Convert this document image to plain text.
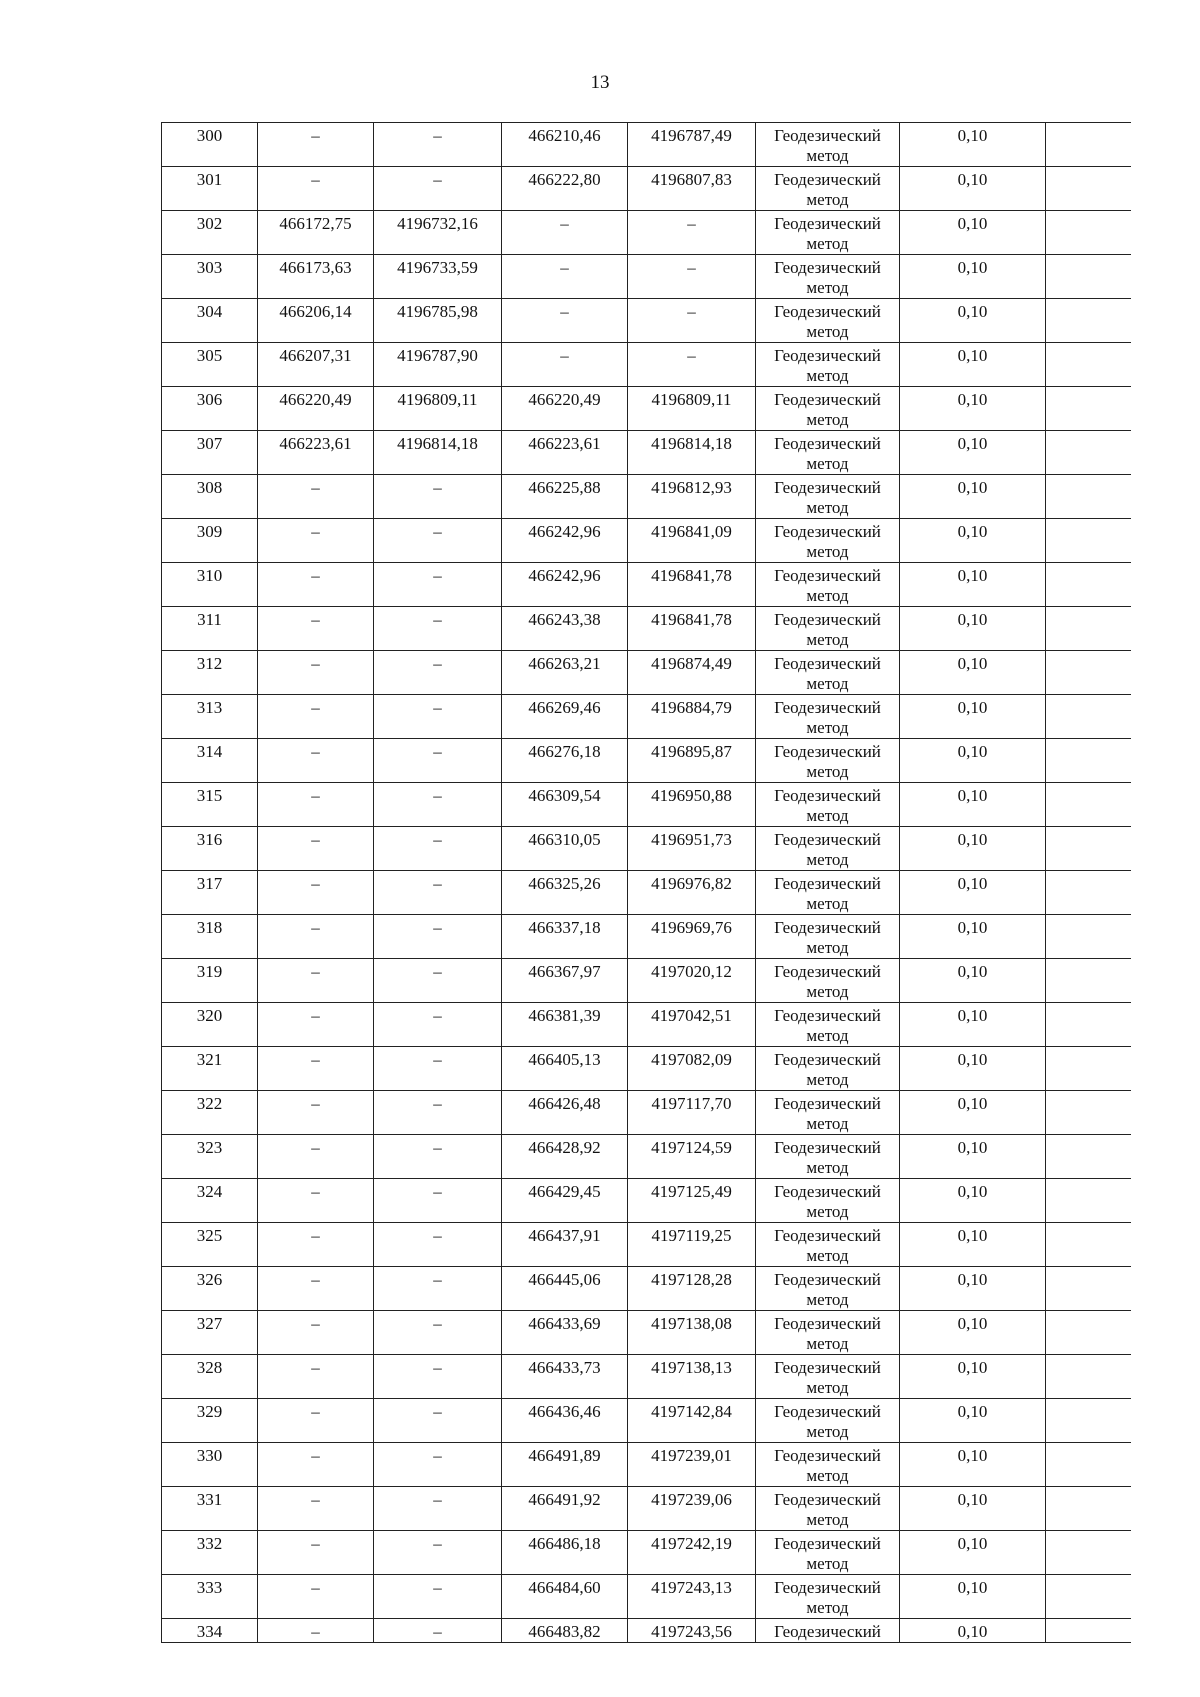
13
300	–	–	466210,46	4196787,49	Геодезический метод	0,10	

301	–	–	466222,80	4196807,83	Геодезический метод	0,10	

302	466172,75	4196732,16	–	–	Геодезический метод	0,10	

303	466173,63	4196733,59	–	–	Геодезический метод	0,10	

304	466206,14	4196785,98	–	–	Геодезический метод	0,10	

305	466207,31	4196787,90	–	–	Геодезический метод	0,10	

306	466220,49	4196809,11	466220,49	4196809,11	Геодезический метод	0,10	

307	466223,61	4196814,18	466223,61	4196814,18	Геодезический метод	0,10	

308	–	–	466225,88	4196812,93	Геодезический метод	0,10	

309	–	–	466242,96	4196841,09	Геодезический метод	0,10	

310	–	–	466242,96	4196841,78	Геодезический метод	0,10	

311	–	–	466243,38	4196841,78	Геодезический метод	0,10	

312	–	–	466263,21	4196874,49	Геодезический метод	0,10	

313	–	–	466269,46	4196884,79	Геодезический метод	0,10	

314	–	–	466276,18	4196895,87	Геодезический метод	0,10	

315	–	–	466309,54	4196950,88	Геодезический метод	0,10	

316	–	–	466310,05	4196951,73	Геодезический метод	0,10	

317	–	–	466325,26	4196976,82	Геодезический метод	0,10	

318	–	–	466337,18	4196969,76	Геодезический метод	0,10	

319	–	–	466367,97	4197020,12	Геодезический метод	0,10	

320	–	–	466381,39	4197042,51	Геодезический метод	0,10	

321	–	–	466405,13	4197082,09	Геодезический метод	0,10	

322	–	–	466426,48	4197117,70	Геодезический метод	0,10	

323	–	–	466428,92	4197124,59	Геодезический метод	0,10	

324	–	–	466429,45	4197125,49	Геодезический метод	0,10	

325	–	–	466437,91	4197119,25	Геодезический метод	0,10	

326	–	–	466445,06	4197128,28	Геодезический метод	0,10	

327	–	–	466433,69	4197138,08	Геодезический метод	0,10	

328	–	–	466433,73	4197138,13	Геодезический метод	0,10	

329	–	–	466436,46	4197142,84	Геодезический метод	0,10	

330	–	–	466491,89	4197239,01	Геодезический метод	0,10	

331	–	–	466491,92	4197239,06	Геодезический метод	0,10	

332	–	–	466486,18	4197242,19	Геодезический метод	0,10	

333	–	–	466484,60	4197243,13	Геодезический метод	0,10	

334	–	–	466483,82	4197243,56	Геодезический	0,10	
